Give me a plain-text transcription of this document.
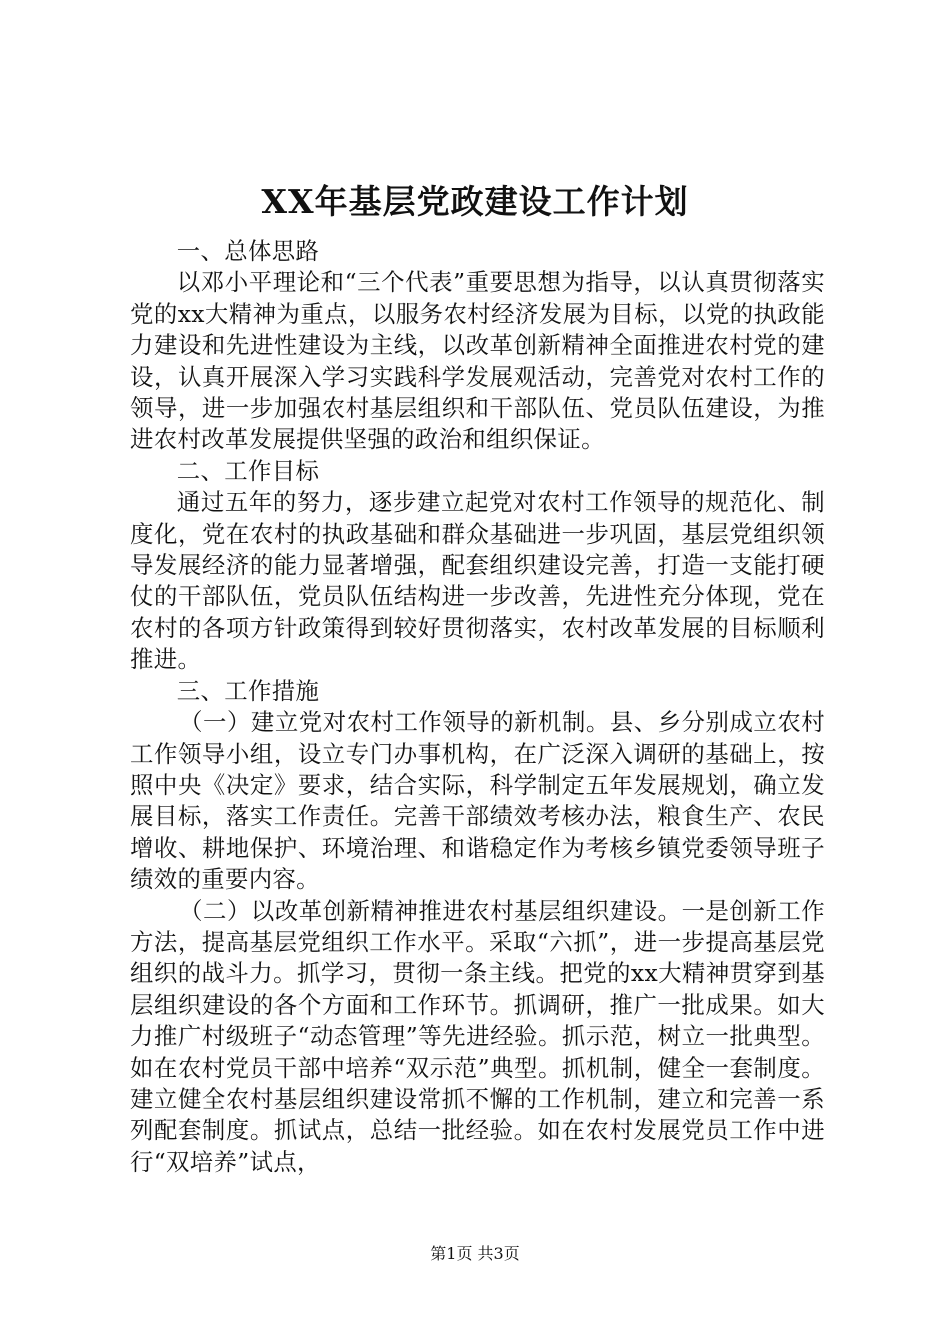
XX年基层党政建设工作计划

一、总体思路

以邓小平理论和“三个代表”重要思想为指导，以认真贯彻落实党的xx大精神为重点，以服务农村经济发展为目标，以党的执政能力建设和先进性建设为主线，以改革创新精神全面推进农村党的建设，认真开展深入学习实践科学发展观活动，完善党对农村工作的领导，进一步加强农村基层组织和干部队伍、党员队伍建设，为推进农村改革发展提供坚强的政治和组织保证。

二、工作目标

通过五年的努力，逐步建立起党对农村工作领导的规范化、制度化，党在农村的执政基础和群众基础进一步巩固，基层党组织领导发展经济的能力显著增强，配套组织建设完善，打造一支能打硬仗的干部队伍，党员队伍结构进一步改善，先进性充分体现，党在农村的各项方针政策得到较好贯彻落实，农村改革发展的目标顺利推进。

三、工作措施

（一）建立党对农村工作领导的新机制。县、乡分别成立农村工作领导小组，设立专门办事机构，在广泛深入调研的基础上，按照中央《决定》要求，结合实际，科学制定五年发展规划，确立发展目标，落实工作责任。完善干部绩效考核办法，粮食生产、农民增收、耕地保护、环境治理、和谐稳定作为考核乡镇党委领导班子绩效的重要内容。

（二）以改革创新精神推进农村基层组织建设。一是创新工作方法，提高基层党组织工作水平。采取“六抓”，进一步提高基层党组织的战斗力。抓学习，贯彻一条主线。把党的xx大精神贯穿到基层组织建设的各个方面和工作环节。抓调研，推广一批成果。如大力推广村级班子“动态管理”等先进经验。抓示范，树立一批典型。如在农村党员干部中培养“双示范”典型。抓机制，健全一套制度。建立健全农村基层组织建设常抓不懈的工作机制，建立和完善一系列配套制度。抓试点，总结一批经验。如在农村发展党员工作中进行“双培养”试点，

第1页 共3页
